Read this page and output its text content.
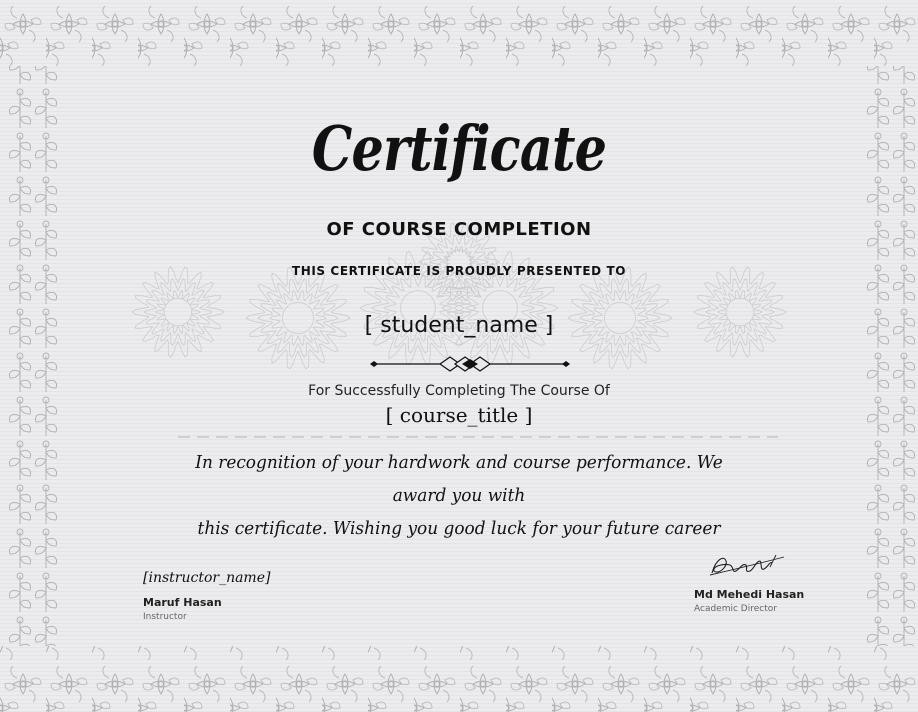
Certificate
OF COURSE COMPLETION
THIS CERTIFICATE IS PROUDLY PRESENTED TO
[ student_name ]
For Successfully Completing The Course Of
[ course_title ]
In recognition of your hardwork and course performance. We award you with
this certificate. Wishing you good luck for your future career
[instructor_name]
Maruf Hasan
Instructor
Md Mehedi Hasan
Academic Director
